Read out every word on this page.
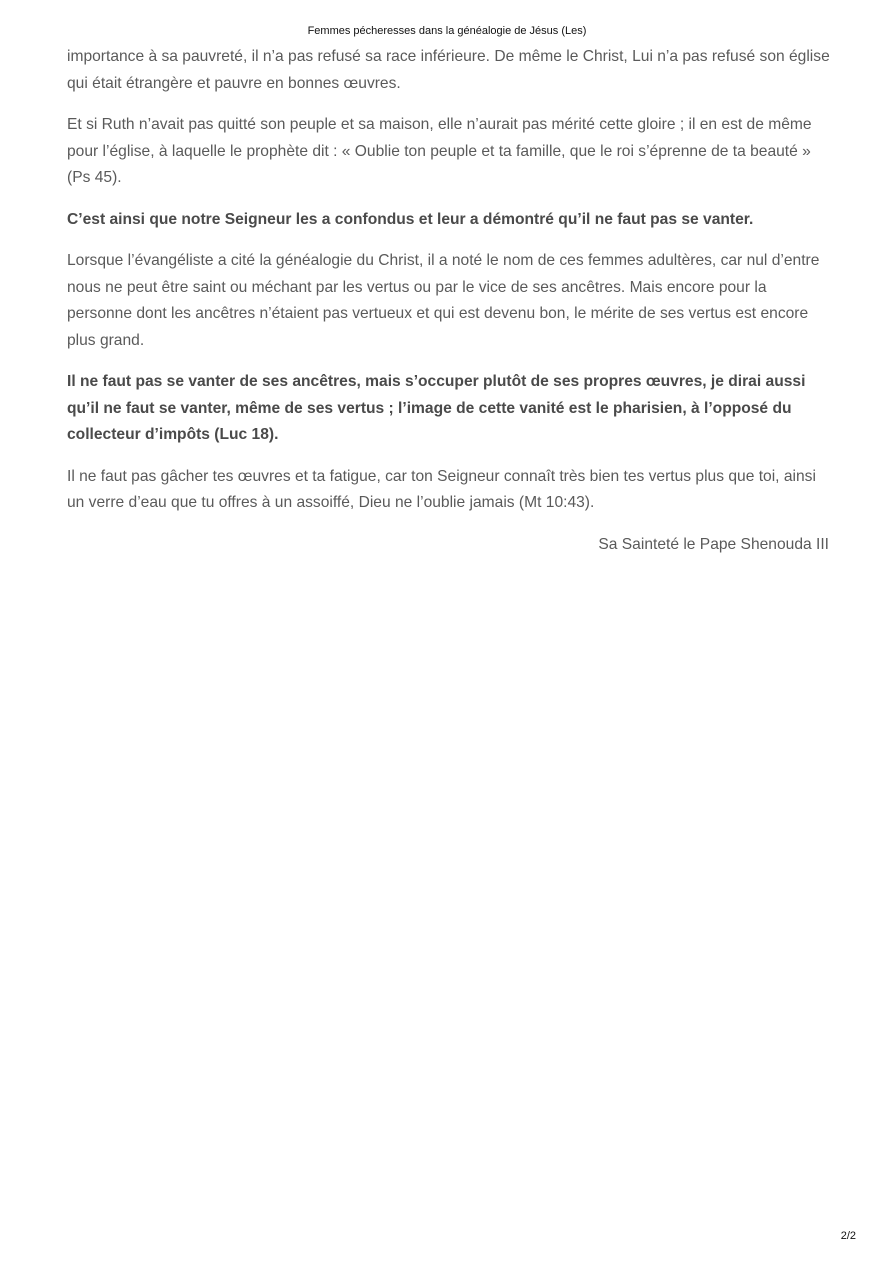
Femmes pécheresses dans la généalogie de Jésus (Les)

importance à sa pauvreté, il n’a pas refusé sa race inférieure. De même le Christ, Lui n’a pas refusé son église qui était étrangère et pauvre en bonnes œuvres.

Et si Ruth n’avait pas quitté son peuple et sa maison, elle n’aurait pas mérité cette gloire ; il en est de même pour l’église, à laquelle le prophète dit : « Oublie ton peuple et ta famille, que le roi s’éprenne de ta beauté » (Ps 45).

C’est ainsi que notre Seigneur les a confondus et leur a démontré qu’il ne faut pas se vanter.

Lorsque l’évangéliste a cité la généalogie du Christ, il a noté le nom de ces femmes adultères, car nul d’entre nous ne peut être saint ou méchant par les vertus ou par le vice de ses ancêtres. Mais encore pour la personne dont les ancêtres n’étaient pas vertueux et qui est devenu bon, le mérite de ses vertus est encore plus grand.

Il ne faut pas se vanter de ses ancêtres, mais s’occuper plutôt de ses propres œuvres, je dirai aussi qu’il ne faut se vanter, même de ses vertus ; l’image de cette vanité est le pharisien, à l’opposé du collecteur d’impôts (Luc 18).

Il ne faut pas gâcher tes œuvres et ta fatigue, car ton Seigneur connaît très bien tes vertus plus que toi, ainsi un verre d’eau que tu offres à un assoiffé, Dieu ne l’oublie jamais (Mt 10:43).

Sa Sainteté le Pape Shenouda III

2/2
